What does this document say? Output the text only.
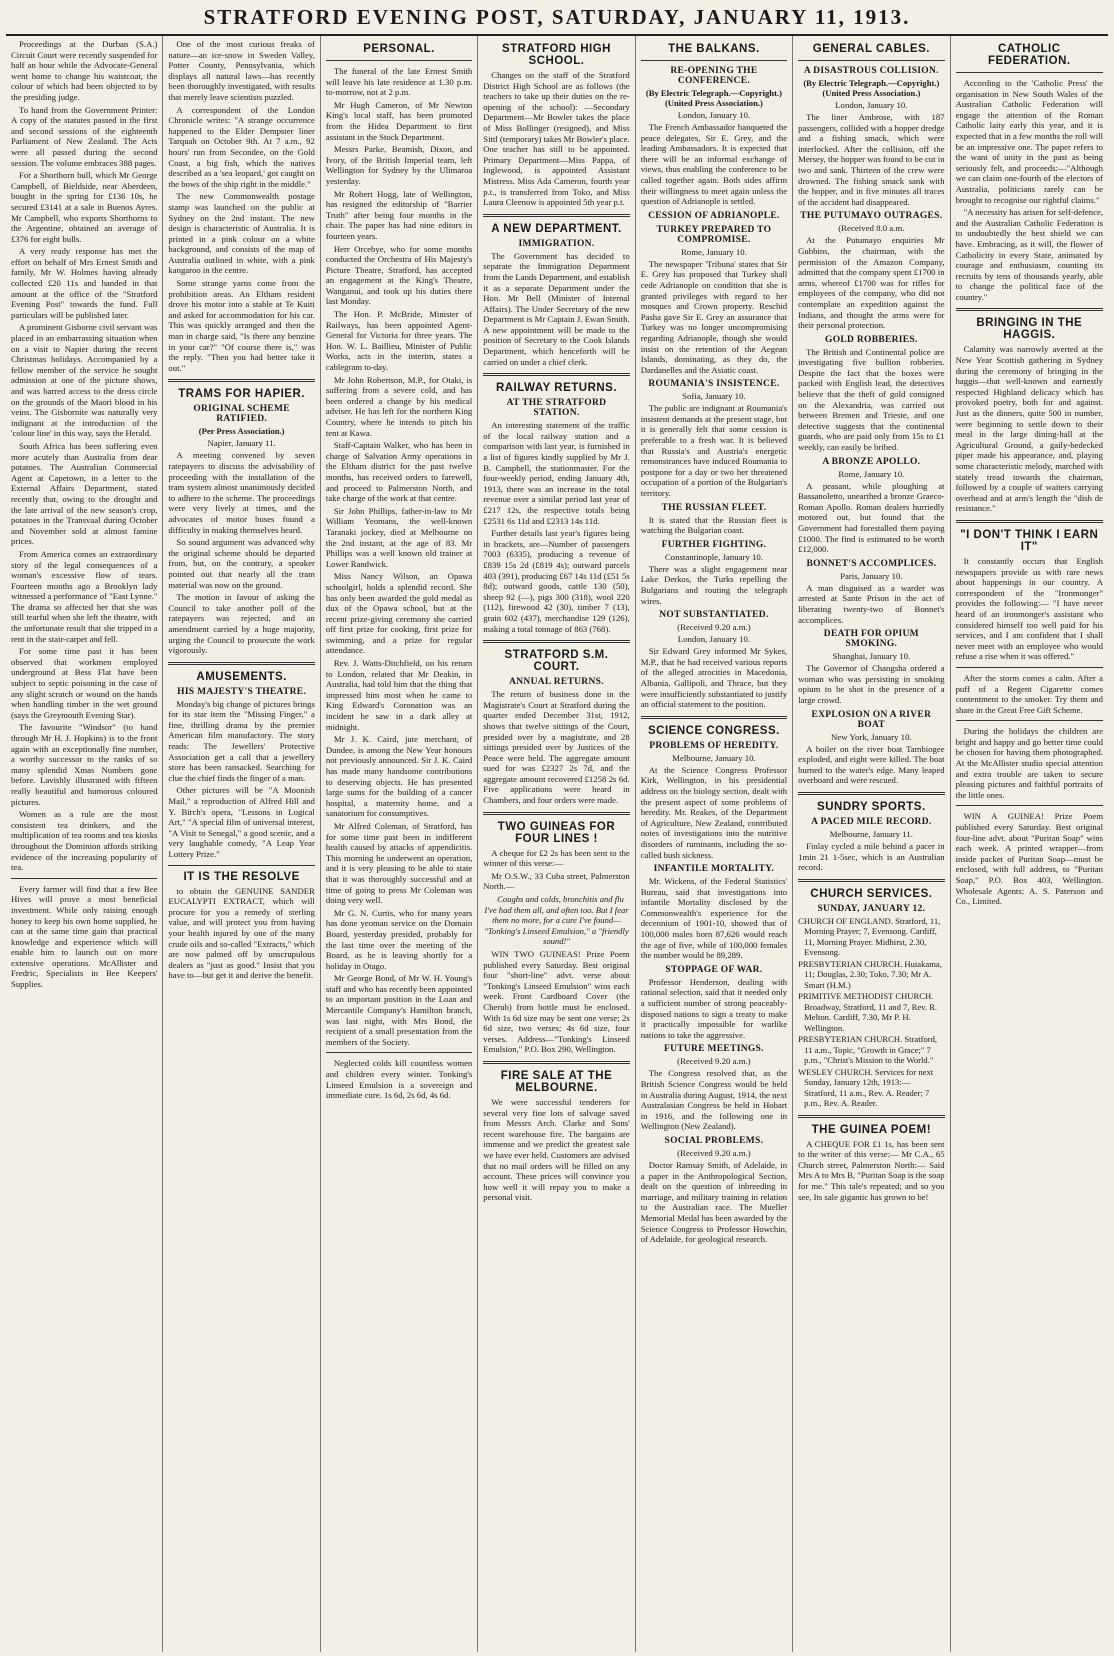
STRATFORD EVENING POST, SATURDAY, JANUARY 11, 1913.

Proceedings at the Durban (S.A.) Circuit Court were recently suspended for half an hour while the Advocate-General went home to change his waistcoat, the colour of which had been objected to by the presiding judge.

To hand from the Government Printer: A copy of the statutes passed in the first and second sessions of the eighteenth Parliament of New Zealand. The Acts were all passed during the second session. The volume embraces 388 pages.

For a Shorthorn bull, which Mr George Campbell, of Bieldside, near Aberdeen, bought in the spring for £136 10s, he secured £3141 at a sale in Buenos Ayres. Mr Campbell, who exports Shorthorns to the Argentine, obtained an average of £376 for eight bulls.

A very ready response has met the effort on behalf of Mrs Ernest Smith and family, Mr W. Holmes having already collected £20 11s and handed in that amount at the office of the "Stratford Evening Post" towards the fund. Full particulars will be published later.

A prominent Gisborne civil servant was placed in an embarrassing situation when on a visit to Napier during the recent Christmas holidays. Accompanied by a fellow member of the service he sought admission at one of the picture shows, and was barred access to the dress circle on the grounds of the Maori blood in his veins. The Gisbornite was naturally very indignant at the introduction of the 'colour line' in this way, says the Herald.

South Africa has been suffering even more acutely than Australia from dear potatoes. The Australian Commercial Agent at Capetown, in a letter to the External Affairs Department, stated recently that, owing to the drought and the late arrival of the new season's crop, potatoes in the Transvaal during October and November sold at almost famine prices.

From America comes an extraordinary story of the legal consequences of a woman's excessive flow of tears. Fourteen months ago a Brooklyn lady witnessed a performance of "East Lynne." The drama so affected her that she was still tearful when she left the theatre, with the unfortunate result that she tripped in a rent in the stair-carpet and fell.

For some time past it has been observed that workmen employed underground at Bess Flat have been subject to septic poisoning in the case of any slight scratch or wound on the hands when handling timber in the wet ground (says the Greymouth Evening Star).

The favourite "Windsor" (to hand through Mr H. J. Hopkins) is to the front again with an exceptionally fine number, a worthy successor to the ranks of so many splendid Xmas Numbers gone before. Lavishly illustrated with fifteen really beautiful and humorous coloured pictures.

Women as a rule are the most consistent tea drinkers, and the multiplication of tea rooms and tea kiosks throughout the Dominion affords striking evidence of the increasing popularity of tea.

Every farmer will find that a few Bee Hives will prove a most beneficial investment. While only raising enough honey to keep his own home supplied, he can at the same time gain that practical knowledge and experience which will enable him to launch out on more extensive operations. McAllister and Fredric, Specialists in Bee Keepers' Supplies.

One of the most curious freaks of nature—an ice-snow in Sweden Valley, Potter County, Pennsylvania, which displays all natural laws—has recently been thoroughly investigated, with results that merely leave scientists puzzled.

A correspondent of the London Chronicle writes: "A strange occurrence happened to the Elder Dempster liner Tarquah on October 9th. At 7 a.m., 92 hours' run from Secondee, on the Gold Coast, a big fish, which the natives described as a 'sea leopard,' got caught on the bows of the ship right in the middle."

The new Commonwealth postage stamp was launched on the public at Sydney on the 2nd instant. The new design is characteristic of Australia. It is printed in a pink colour on a white background, and consists of the map of Australia outlined in white, with a pink kangaroo in the centre.

Some strange yarns come from the prohibition areas. An Eltham resident drove his motor into a stable at Te Kuiti and asked for accommodation for his car. This was quickly arranged and then the man in charge said, "Is there any benzine in your car?" "Of course there is," was the reply. "Then you had better take it out."

TRAMS FOR HAPIER.
ORIGINAL SCHEME RATIFIED.
(Per Press Association.)
Napier, January 11.

A meeting convened by seven ratepayers to discuss the advisability of proceeding with the installation of the tram system almost unanimously decided to adhere to the scheme. The proceedings were very lively at times, and the advocates of motor buses found a difficulty in making themselves heard.

So sound argument was advanced why the original scheme should be departed from, but, on the contrary, a speaker pointed out that nearly all the tram material was now on the ground.

The motion in favour of asking the Council to take another poll of the ratepayers was rejected, and an amendment carried by a huge majority, urging the Council to prosecute the work vigorously.

AMUSEMENTS.
HIS MAJESTY'S THEATRE.

Monday's big change of pictures brings for its star item the "Missing Finger," a fine, thrilling drama by the premier American film manufactory. The story reads: The Jewellers' Protective Association get a call that a jewellery store has been ransacked. Searching for clue the chief finds the finger of a man.

Other pictures will be "A Moonish Mail," a reproduction of Alfred Hill and Y. Birch's opera, "Lessons in Logical Art," "A special film of universal interest, "A Visit to Senegal," a good scenic, and a very laughable comedy, "A Leap Year Lottery Prize."

IT IS THE RESOLVE

to obtain the GENUINE SANDER EUCALYPTI EXTRACT, which will procure for you a remedy of sterling value, and will protect you from having your health injured by one of the many crude oils and so-called "Extracts," which are now palmed off by unscrupulous dealers as "just as good." Insist that you have to—but get it and derive the benefit.

PERSONAL.

The funeral of the late Ernest Smith will leave his late residence at 1.30 p.m. to-morrow, not at 2 p.m.

Mr Hugh Cameron, of Mr Newton King's local staff, has been promoted from the Hidea Department to first assistant in the Stock Department.

Messrs Parke, Beamish, Dixon, and Ivory, of the British Imperial team, left Wellington for Sydney by the Ulimaroa yesterday.

Mr Robert Hogg, late of Wellington, has resigned the editorship of "Barrier Truth" after being four months in the chair. The paper has had nine editors in fourteen years.

Herr Orcebye, who for some months conducted the Orchestra of His Majesty's Picture Theatre, Stratford, has accepted an engagement at the King's Theatre, Wanganui, and took up his duties there last Monday.

The Hon. P. McBride, Minister of Railways, has been appointed Agent-General for Victoria for three years. The Hon. W. L. Baillieu, Minister of Public Works, acts in the interim, states a cablegram to-day.

Mr John Robertson, M.P., for Otaki, is suffering from a severe cold, and has been ordered a change by his medical adviser. He has left for the northern King Country, where he intends to pitch his tent at Kawa.

Staff-Captain Walker, who has been in charge of Salvation Army operations in the Eltham district for the past twelve months, has received orders to farewell, and proceed to Palmerston North, and take charge of the work at that centre.

Sir John Phillips, father-in-law to Mr William Yeomans, the well-known Taranaki jockey, died at Melbourne on the 2nd instant, at the age of 83. Mr Phillips was a well known old trainer at Lower Randwick.

Miss Nancy Wilson, an Opawa schoolgirl, holds a splendid record. She has only been awarded the gold medal as dux of the Opawa school, but at the recent prize-giving ceremony she carried off first prize for cooking, first prize for swimming, and a prize for regular attendance.

Rev. J. Watts-Ditchfield, on his return to London, related that Mr Deakin, in Australia, had told him that the thing that impressed him most when he came to King Edward's Coronation was an incident he saw in a dark alley at midnight.

Mr J. K. Caird, jute merchant, of Dundee, is among the New Year honours not previously announced. Sir J. K. Caird has made many handsome contributions to deserving objects. He has presented large sums for the building of a cancer hospital, a maternity home, and a sanatorium for consumptives.

Mr Alfred Coleman, of Stratford, has for some time past been in indifferent health caused by attacks of appendicitis. This morning he underwent an operation, and it is very pleasing to be able to state that it was thoroughly successful and at time of going to press Mr Coleman was doing very well.

Mr G. N. Curtis, who for many years has done yeoman service on the Domain Board, yesterday presided, probably for the last time over the meeting of the Board, as he is leaving shortly for a holiday in Otago.

Mr George Bond, of Mr W. H. Young's staff and who has recently been appointed to an important position in the Loan and Mercantile Company's Hamilton branch, was last night, with Mrs Bond, the recipient of a small presentation from the members of the Society.

Neglected colds kill countless women and children every winter. Tonking's Linseed Emulsion is a sovereign and immediate cure. 1s 6d, 2s 6d, 4s 6d.

STRATFORD HIGH SCHOOL.

Changes on the staff of the Stratford District High School are as follows (the teachers to take up their duties on the re-opening of the school): —Secondary Department—Mr Bowler takes the place of Miss Bollinger (resigned), and Miss Sittl (temporary) takes Mr Bowler's place. One teacher has still to be appointed. Primary Department—Miss Pappa, of Inglewood, is appointed Assistant Mistress. Miss Ada Cameron, fourth year p.t., is transferred from Toko, and Miss Laura Cleenow is appointed 5th year p.t.

A NEW DEPARTMENT.
IMMIGRATION.

The Government has decided to separate the Immigration Department from the Lands Department, and establish it as a separate Department under the Hon. Mr Bell (Minister of Internal Affairs). The Under Secretary of the new Department is Mr Captain J. Ewan Smith. A new appointment will be made to the position of Secretary to the Cook Islands Department, which henceforth will be carried on under a chief clerk.

RAILWAY RETURNS.
AT THE STRATFORD STATION.

An interesting statement of the traffic of the local railway station and a comparison with last year, is furnished in a list of figures kindly supplied by Mr J. B. Campbell, the stationmaster. For the four-weekly period, ending January 4th, 1913, there was an increase in the total revenue over a similar period last year of £217 12s, the respective totals being £2531 6s 11d and £2313 14s 11d.

Further details last year's figures being in brackets, are—Number of passengers 7003 (6335), producing a revenue of £839 15s 2d (£819 4s); outward parcels 403 (391), producing £67 14s 11d (£51 5s 8d); outward goods, cattle 130 (50), sheep 92 (—), pigs 300 (318), wool 220 (112), firewood 42 (30), timber 7 (13), grain 602 (437), merchandise 129 (126), making a total tonnage of 863 (768).

STRATFORD S.M. COURT.
ANNUAL RETURNS.

The return of business done in the Magistrate's Court at Stratford during the quarter ended December 31st, 1912, shows that twelve sittings of the Court, presided over by a magistrate, and 28 sittings presided over by Justices of the Peace were held. The aggregate amount sued for was £2327 2s 7d, and the aggregate amount recovered £1258 2s 6d. Five applications were heard in Chambers, and four orders were made.

TWO GUINEAS FOR FOUR LINES !

A cheque for £2 2s has been sent to the winner of this verse:—

Mr O.S.W., 33 Cuba street, Palmerston North.—

Coughs and colds, bronchitis and flu I've had them all, and often too. But I fear them no more, for a cure I've found— "Tonking's Linseed Emulsion," a "friendly sound!"

WIN TWO GUINEAS! Prize Poem published every Saturday. Best original four "short-line" advt. verse about "Tonking's Linseed Emulsion" wins each week. Front Cardboard Cover (the Cherub) from bottle must be enclosed. With 1s 6d size may be sent one verse; 2s 6d size, two verses; 4s 6d size, four verses. Address—"Tonking's Linseed Emulsion," P.O. Box 290, Wellington.

FIRE SALE AT THE MELBOURNE.

We were successful tenderers for several very fine lots of salvage saved from Messrs Arch. Clarke and Sons' recent warehouse fire. The bargains are immense and we predict the greatest sale we have ever held. Customers are advised that no mail orders will be filled on any account. These prices will convince you how well it will repay you to make a personal visit.

THE BALKANS.
RE-OPENING THE CONFERENCE.
(By Electric Telegraph.—Copyright.) (United Press Association.)
London, January 10.

The French Ambassador banqueted the peace delegates, Sir E. Grey, and the leading Ambassadors. It is expected that there will be an informal exchange of views, thus enabling the conference to be called together again. Both sides affirm their willingness to meet again unless the question of Adrianople is settled.

CESSION OF ADRIANOPLE.
TURKEY PREPARED TO COMPROMISE.
Rome, January 10.

The newspaper 'Tribuna' states that Sir E. Grey has proposed that Turkey shall cede Adrianople on condition that she is granted privileges with regard to her mosques and Crown property. Reschid Pasha gave Sir E. Grey an assurance that Turkey was no longer uncompromising regarding Adrianople, though she would insist on the retention of the Aegean Islands, dominating, as they do, the Dardanelles and the Asiatic coast.

ROUMANIA'S INSISTENCE.
Sofia, January 10.

The public are indignant at Roumania's insistent demands at the present stage, but it is generally felt that some cession is preferable to a fresh war. It is believed that Russia's and Austria's energetic remonstrances have induced Roumania to postpone for a day or two her threatened occupation of a portion of the Bulgarian's territory.

THE RUSSIAN FLEET.

It is stated that the Russian fleet is watching the Bulgarian coast.

FURTHER FIGHTING.
Constantinople, January 10.

There was a slight engagement near Lake Derkos, the Turks repelling the Bulgarians and routing the telegraph wires.

NOT SUBSTANTIATED.
(Received 9.20 a.m.)
London, January 10.

Sir Edward Grey informed Mr Sykes, M.P., that he had received various reports of the alleged atrocities in Macedonia, Albania, Gallipoli, and Thrace, but they were insufficiently substantiated to justify an official statement to the position.

SCIENCE CONGRESS.
PROBLEMS OF HEREDITY.
Melbourne, January 10.

At the Science Congress Professor Kirk, Wellington, in his presidential address on the biology section, dealt with the present aspect of some problems of heredity. Mr. Reakes, of the Department of Agriculture, New Zealand, contributed notes of investigations into the nutritive disorders of ruminants, including the so-called bush sickness.

INFANTILE MORTALITY.

Mr. Wickens, of the Federal Statistics' Bureau, said that investigations into infantile Mortality disclosed by the Commonwealth's experience for the decennium of 1901-10, showed that of 100,000 males born 87,626 would reach the age of five, while of 100,000 females the number would be 89,289.

STOPPAGE OF WAR.

Professor Henderson, dealing with rational selection, said that it needed only a sufficient number of strong peaceably-disposed nations to sign a treaty to make it practically impossible for warlike nations to take the aggressive.

FUTURE MEETINGS.
(Received 9.20 a.m.)

The Congress resolved that, as the British Science Congress would be held in Australia during August, 1914, the next Australasian Congress be held in Hobart in 1916, and the following one in Wellington (New Zealand).

SOCIAL PROBLEMS.
(Received 9.20 a.m.)

Doctor Ramsay Smith, of Adelaide, in a paper in the Anthropological Section, dealt on the question of inbreeding in marriage, and military training in relation to the Australian race. The Mueller Memorial Medal has been awarded by the Science Congress to Professor Howchin, of Adelaide, for geological research.

GENERAL CABLES.
A DISASTROUS COLLISION.
(By Electric Telegraph.—Copyright.) (United Press Association.)
London, January 10.

The liner Ambrose, with 187 passengers, collided with a hopper dredge and a fishing smack, which were interlocked. After the collision, off the Mersey, the hopper was found to be cut in two and sank. Thirteen of the crew were drowned. The fishing smack sank with the hopper, and in five minutes all traces of the accident had disappeared.

THE PUTUMAYO OUTRAGES.
(Received 8.0 a.m.

At the Putumayo enquiries Mr Gubbins, the chairman, with the permission of the Amazon Company, admitted that the company spent £1700 in arms, whereof £1700 was for rifles for employees of the company, who did not contemplate an expedition against the Indians, and thought the arms were for their personal protection.

GOLD ROBBERIES.

The British and Continental police are investigating five bullion robberies. Despite the fact that the boxes were packed with English lead, the detectives believe that the theft of gold consigned on the Alexandria, was carried out between Bremen and Trieste, and one detective suggests that the continental guards, who are paid only from 15s to £1 weekly, can easily be bribed.

A BRONZE APOLLO.
Rome, January 10.

A peasant, while ploughing at Bassanoletto, unearthed a bronze Graeco-Roman Apollo. Roman dealers hurriedly motored out, but found that the Government had forestalled them paying £1000. The find is estimated to be worth £12,000.

BONNET'S ACCOMPLICES.
Paris, January 10.

A man disguised as a warder was arrested at Sante Prison in the act of liberating twenty-two of Bonnet's accomplices.

DEATH FOR OPIUM SMOKING.
Shanghai, January 10.

The Governor of Changsha ordered a woman who was persisting in smoking opium to be shot in the presence of a large crowd.

EXPLOSION ON A RIVER BOAT
New York, January 10.

A boiler on the river boat Tambiogee exploded, and eight were killed. The boat burned to the water's edge. Many leaped overboard and were rescued.

SUNDRY SPORTS.
A PACED MILE RECORD.
Melbourne, January 11.

Finlay cycled a mile behind a pacer in 1min 21 1-5sec, which is an Australian record.

CHURCH SERVICES.
SUNDAY, JANUARY 12.
CHURCH OF ENGLAND. Stratford, 11, Morning Prayer; 7, Evensong. Cardiff, 11, Morning Prayer. Midhirst, 2.30, Evensong.
PRESBYTERIAN CHURCH. Huiakama, 11; Douglas, 2.30; Toko, 7.30; Mr A. Smart (H.M.)
PRIMITIVE METHODIST CHURCH. Broadway, Stratford, 11 and 7, Rev. R. Melton. Cardiff, 7.30, Mr P. H. Wellington.
PRESBYTERIAN CHURCH. Stratford, 11 a.m., Topic, "Growth in Grace;" 7 p.m., "Christ's Mission to the World."
WESLEY CHURCH. Services for next Sunday, January 12th, 1913:— Stratford, 11 a.m., Rev. A. Reader; 7 p.m., Rev. A. Reader.
THE GUINEA POEM!

A CHEQUE FOR £1 1s, has been sent to the writer of this verse:— Mr C.A., 65 Church street, Palmerston North:— Said Mrs A to Mrs B, "Puritan Soap is the soap for me." This tale's repeated; and so you see, Its sale gigantic has grown to be!

CATHOLIC FEDERATION.

According to the 'Catholic Press' the organisation in New South Wales of the Australian Catholic Federation will engage the attention of the Roman Catholic laity early this year, and it is expected that in a few months the roll will be an impressive one. The paper refers to the want of unity in the past as being seriously felt, and proceeds:—"Although we can claim one-fourth of the electors of Australia, politicians rarely can be brought to recognise our rightful claims."

"A necessity has arisen for self-defence, and the Australian Catholic Federation is to undoubtedly the best shield we can have. Embracing, as it will, the flower of Catholicity in every State, animated by courage and enthusiasm, counting its recruits by tens of thousands yearly, able to change the political face of the country."

BRINGING IN THE HAGGIS.

Calamity was narrowly averted at the New Year Scottish gathering in Sydney during the ceremony of bringing in the haggis—that well-known and earnestly respected Highland delicacy which has provoked poetry, both for and against. Just as the dinners, quite 500 in number, were beginning to settle down to their meal in the large dining-hall at the Agricultural Ground, a gaily-bedecked piper made his appearance, and, playing some characteristic melody, marched with stately tread towards the chairman, followed by a couple of waiters carrying overhead and at arm's length the "dish de resistance."

"I DON'T THINK I EARN IT"

It constantly occurs that English newspapers provide us with rare news about happenings in our country. A correspondent of the "Ironmonger" provides the following:— "I have never heard of an ironmonger's assistant who considered himself too well paid for his services, and I am confident that I shall never meet with an employee who would refuse a rise when it was offered."

After the storm comes a calm. After a puff of a Regent Cigarette comes contentment to the smoker. Try them and share in the Great Free Gift Scheme.

During the holidays the children are bright and happy and go better time could be chosen for having them photographed. At the McAllister studio special attention and extra trouble are taken to secure pleasing pictures and faithful portraits of the little ones.

WIN A GUINEA! Prize Poem published every Saturday. Best original four-line advt. about "Puritan Soap" wins each week. A printed wrapper—from inside packet of Puritan Soap—must be enclosed, with full address, to "Puritan Soap," P.O. Box 403, Wellington. Wholesale Agents: A. S. Paterson and Co., Limited.
